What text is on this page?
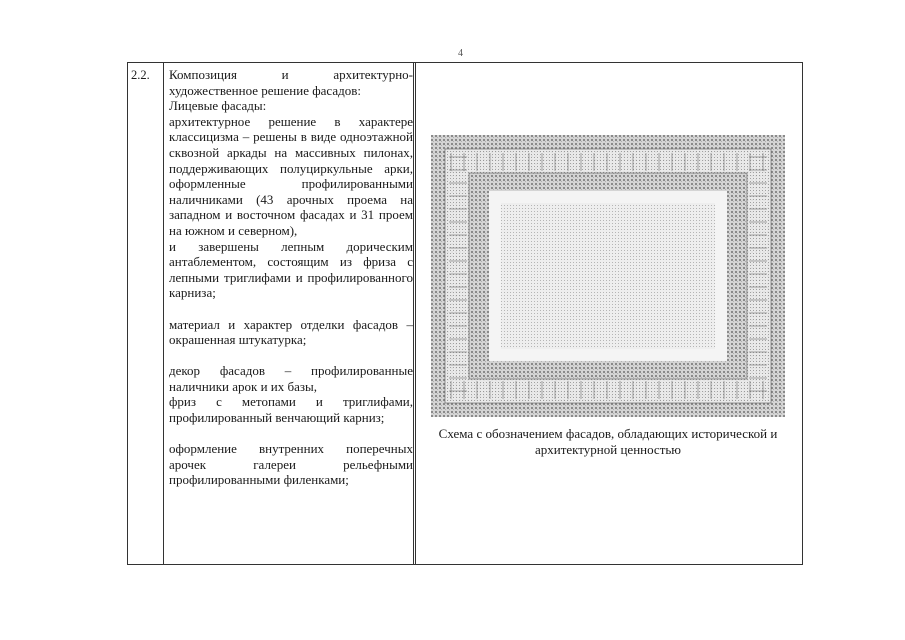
4
2.2. Композиция и архитектурно-художественное решение фасадов:

Лицевые фасады:

архитектурное решение в характере классицизма – решены в виде одноэтажной сквозной аркады на массивных пилонах, поддерживающих полуциркульные арки, оформленные профилированными наличниками (43 арочных проема на западном и восточном фасадах и 31 проем на южном и северном),

и завершены лепным дорическим антаблементом, состоящим из фриза с лепными триглифами и профилированного карниза;

материал и характер отделки фасадов – окрашенная штукатурка;

декор фасадов – профилированные наличники арок и их базы,

фриз с метопами и триглифами, профилированный венчающий карниз;

оформление внутренних поперечных арочек галереи рельефными профилированными филенками;

Схема с обозначением фасадов, обладающих исторической и архитектурной ценностью
